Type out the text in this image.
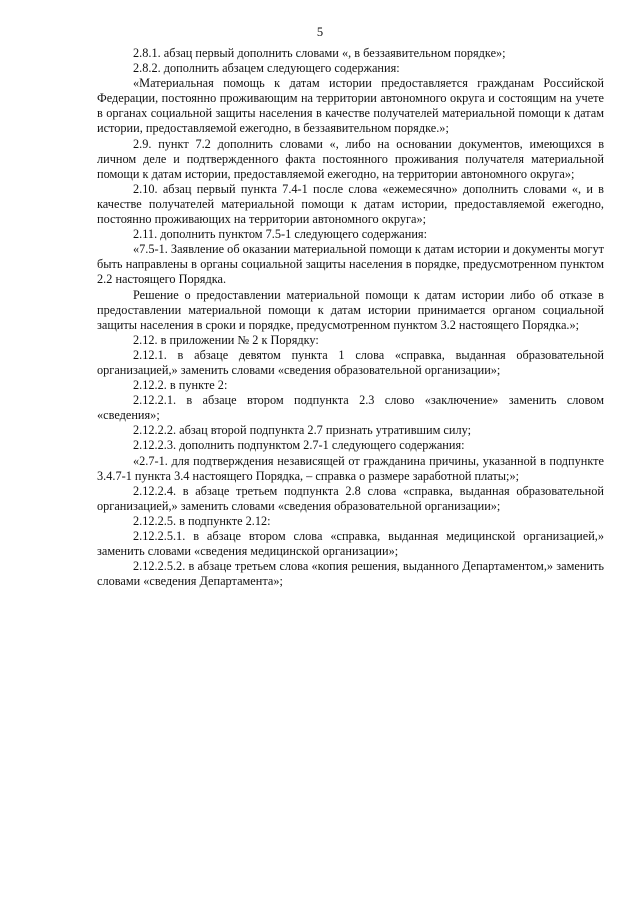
5

2.8.1. абзац первый дополнить словами «, в беззаявительном порядке»;

2.8.2. дополнить абзацем следующего содержания:

«Материальная помощь к датам истории предоставляется гражданам Российской Федерации, постоянно проживающим на территории автономного округа и состоящим на учете в органах социальной защиты населения в качестве получателей материальной помощи к датам истории, предоставляемой ежегодно, в беззаявительном порядке.»;

2.9. пункт 7.2 дополнить словами «, либо на основании документов, имеющихся в личном деле и подтвержденного факта постоянного проживания получателя материальной помощи к датам истории, предоставляемой ежегодно, на территории автономного округа»;

2.10. абзац первый пункта 7.4-1 после слова «ежемесячно» дополнить словами «, и в качестве получателей материальной помощи к датам истории, предоставляемой ежегодно, постоянно проживающих на территории автономного округа»;

2.11. дополнить пунктом 7.5-1 следующего содержания:

«7.5-1. Заявление об оказании материальной помощи к датам истории и документы могут быть направлены в органы социальной защиты населения в порядке, предусмотренном пунктом 2.2 настоящего Порядка.

Решение о предоставлении материальной помощи к датам истории либо об отказе в предоставлении материальной помощи к датам истории принимается органом социальной защиты населения в сроки и порядке, предусмотренном пунктом 3.2 настоящего Порядка.»;

2.12. в приложении № 2 к Порядку:

2.12.1. в абзаце девятом пункта 1 слова «справка, выданная образовательной организацией,» заменить словами «сведения образовательной организации»;

2.12.2. в пункте 2:

2.12.2.1. в абзаце втором подпункта 2.3 слово «заключение» заменить словом «сведения»;

2.12.2.2. абзац второй подпункта 2.7 признать утратившим силу;

2.12.2.3. дополнить подпунктом 2.7-1 следующего содержания:

«2.7-1. для подтверждения независящей от гражданина причины, указанной в подпункте 3.4.7-1 пункта 3.4 настоящего Порядка, – справка о размере заработной платы;»;

2.12.2.4. в абзаце третьем подпункта 2.8 слова «справка, выданная образовательной организацией,» заменить словами «сведения образовательной организации»;

2.12.2.5. в подпункте 2.12:

2.12.2.5.1. в абзаце втором слова «справка, выданная медицинской организацией,» заменить словами «сведения медицинской организации»;

2.12.2.5.2. в абзаце третьем слова «копия решения, выданного Департаментом,» заменить словами «сведения Департамента»;
